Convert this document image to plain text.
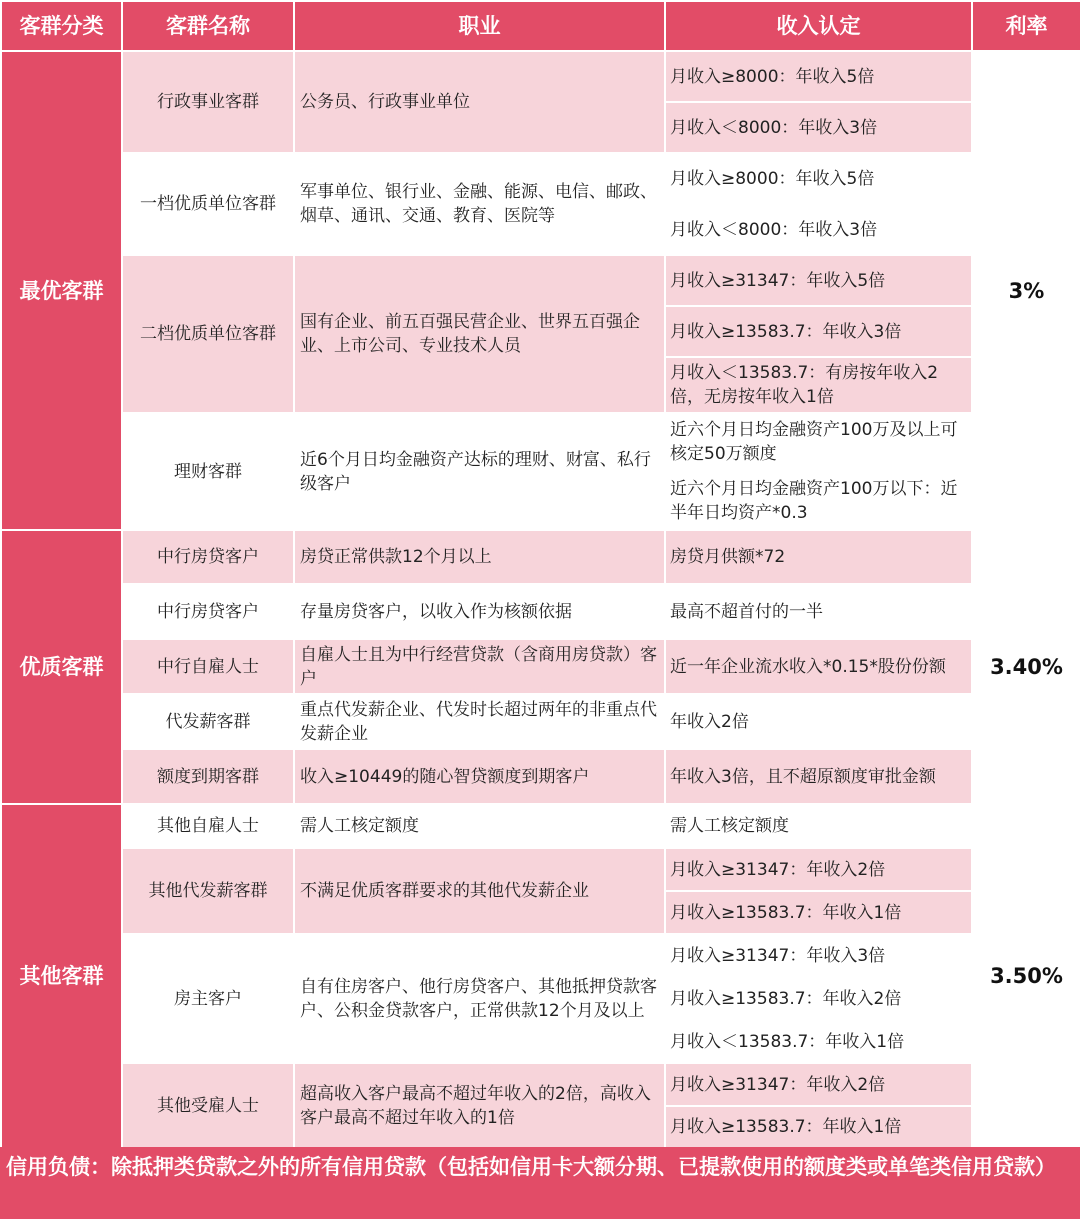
客群分类	客群名称	职业	收入认定	利率
最优客群	行政事业客群	公务员、行政事业单位	月收入≥8000：年收入5倍	3%
			月收入＜8000：年收入3倍	
	一档优质单位客群	军事单位、银行业、金融、能源、电信、邮政、烟草、通讯、交通、教育、医院等	月收入≥8000：年收入5倍	
			月收入＜8000：年收入3倍	
	二档优质单位客群	国有企业、前五百强民营企业、世界五百强企业、上市公司、专业技术人员	月收入≥31347：年收入5倍	
			月收入≥13583.7：年收入3倍	
			月收入＜13583.7：有房按年收入2倍，无房按年收入1倍	
	理财客群	近6个月日均金融资产达标的理财、财富、私行级客户	近六个月日均金融资产100万及以上可核定50万额度	
			近六个月日均金融资产100万以下：近半年日均资产*0.3	
优质客群	中行房贷客户	房贷正常供款12个月以上	房贷月供额*72	3.40%
	中行房贷客户	存量房贷客户，以收入作为核额依据	最高不超首付的一半	
	中行自雇人士	自雇人士且为中行经营贷款（含商用房贷款）客户	近一年企业流水收入*0.15*股份份额	
	代发薪客群	重点代发薪企业、代发时长超过两年的非重点代发薪企业	年收入2倍	
	额度到期客群	收入≥10449的随心智贷额度到期客户	年收入3倍，且不超原额度审批金额	
其他客群	其他自雇人士	需人工核定额度	需人工核定额度	3.50%
	其他代发薪客群	不满足优质客群要求的其他代发薪企业	月收入≥31347：年收入2倍	
			月收入≥13583.7：年收入1倍	
	房主客户	自有住房客户、他行房贷客户、其他抵押贷款客户、公积金贷款客户，正常供款12个月及以上	月收入≥31347：年收入3倍	
			月收入≥13583.7：年收入2倍	
			月收入＜13583.7：年收入1倍	
	其他受雇人士	超高收入客户最高不超过年收入的2倍，高收入客户最高不超过年收入的1倍	月收入≥31347：年收入2倍	
			月收入≥13583.7：年收入1倍	
信用负债：除抵押类贷款之外的所有信用贷款（包括如信用卡大额分期、已提款使用的额度类或单笔类信用贷款）
